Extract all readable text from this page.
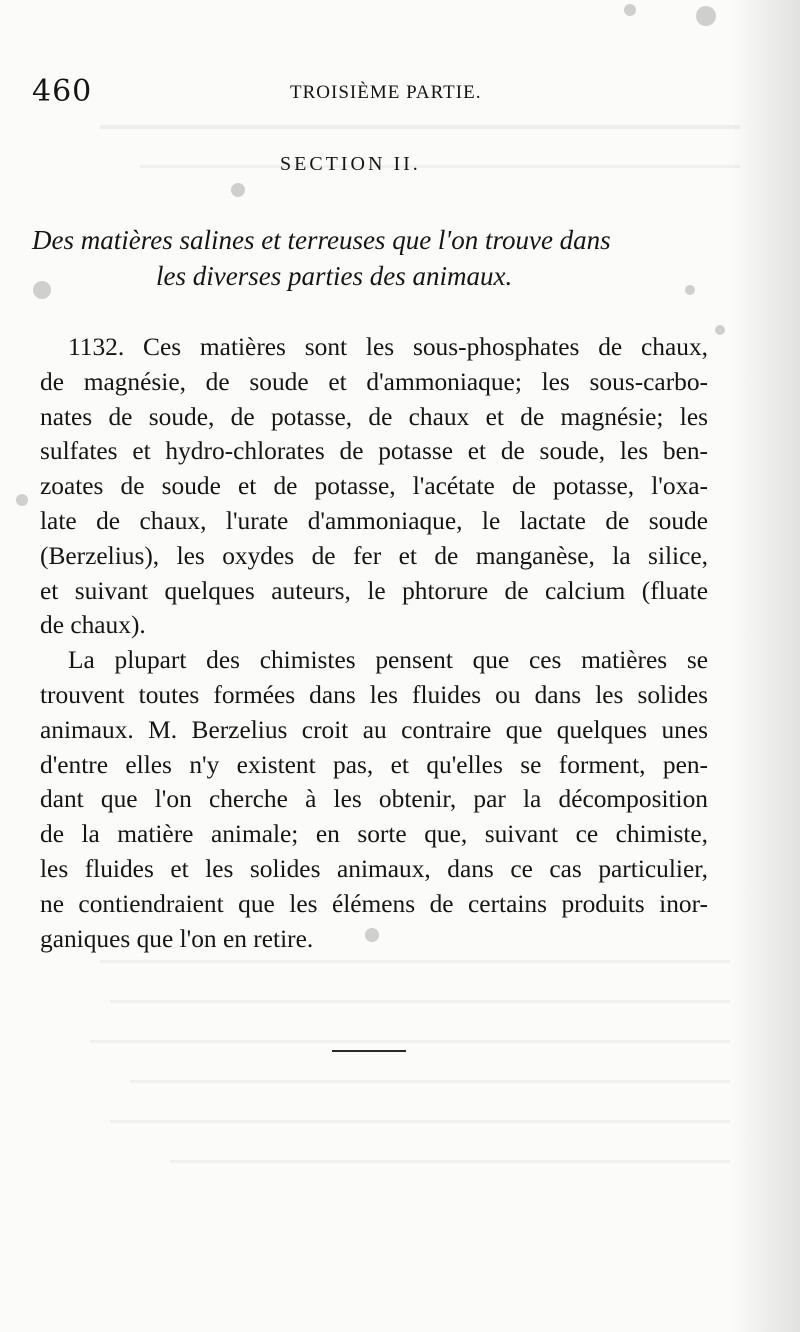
460	TROISIÈME PARTIE.
SECTION II.
Des matières salines et terreuses que l'on trouve dans
les diverses parties des animaux.
1132. Ces matières sont les sous-phosphates de chaux,
de magnésie, de soude et d'ammoniaque; les sous-carbo-
nates de soude, de potasse, de chaux et de magnésie; les
sulfates et hydro-chlorates de potasse et de soude, les ben-
zoates de soude et de potasse, l'acétate de potasse, l'oxa-
late de chaux, l'urate d'ammoniaque, le lactate de soude
(Berzelius), les oxydes de fer et de manganèse, la silice,
et suivant quelques auteurs, le phtorure de calcium (fluate
de chaux).
La plupart des chimistes pensent que ces matières se
trouvent toutes formées dans les fluides ou dans les solides
animaux. M. Berzelius croit au contraire que quelques unes
d'entre elles n'y existent pas, et qu'elles se forment, pen-
dant que l'on cherche à les obtenir, par la décomposition
de la matière animale; en sorte que, suivant ce chimiste,
les fluides et les solides animaux, dans ce cas particulier,
ne contiendraient que les élémens de certains produits inor-
ganiques que l'on en retire.
